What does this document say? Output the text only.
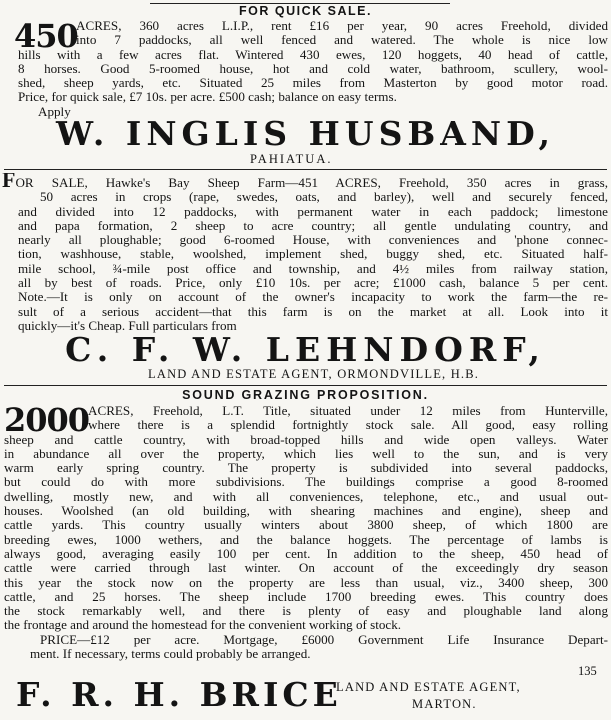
FOR QUICK SALE.
450
ACRES, 360 acres L.I.P., rent £16 per year, 90 acres Freehold, divided
into 7 paddocks, all well fenced and watered. The whole is nice low
hills with a few acres flat. Wintered 430 ewes, 120 hoggets, 40 head of cattle,
8 horses. Good 5-roomed house, hot and cold water, bathroom, scullery, wool-
shed, sheep yards, etc. Situated 25 miles from Masterton by good motor road.
Price, for quick sale, £7 10s. per acre. £500 cash; balance on easy terms.
Apply
W. INGLIS HUSBAND,
PAHIATUA.
FOR SALE, Hawke's Bay Sheep Farm—451 ACRES, Freehold, 350 acres in grass,
50 acres in crops (rape, swedes, oats, and barley), well and securely fenced,
and divided into 12 paddocks, with permanent water in each paddock; limestone
and papa formation, 2 sheep to acre country; all gentle undulating country, and
nearly all ploughable; good 6-roomed House, with conveniences and 'phone connec-
tion, washhouse, stable, woolshed, implement shed, buggy shed, etc. Situated half-
mile school, ¾-mile post office and township, and 4½ miles from railway station,
all by best of roads. Price, only £10 10s. per acre; £1000 cash, balance 5 per cent.
Note.—It is only on account of the owner's incapacity to work the farm—the re-
sult of a serious accident—that this farm is on the market at all. Look into it
quickly—it's Cheap. Full particulars from
C. F. W. LEHNDORF,
LAND AND ESTATE AGENT, ORMONDVILLE, H.B.
SOUND GRAZING PROPOSITION.
2000
ACRES, Freehold, L.T. Title, situated under 12 miles from Hunterville,
where there is a splendid fortnightly stock sale. All good, easy rolling
sheep and cattle country, with broad-topped hills and wide open valleys. Water
in abundance all over the property, which lies well to the sun, and is very
warm early spring country. The property is subdivided into several paddocks,
but could do with more subdivisions. The buildings comprise a good 8-roomed
dwelling, mostly new, and with all conveniences, telephone, etc., and usual out-
houses. Woolshed (an old building, with shearing machines and engine), sheep and
cattle yards. This country usually winters about 3800 sheep, of which 1800 are
breeding ewes, 1000 wethers, and the balance hoggets. The percentage of lambs is
always good, averaging easily 100 per cent. In addition to the sheep, 450 head of
cattle were carried through last winter. On account of the exceedingly dry season
this year the stock now on the property are less than usual, viz., 3400 sheep, 300
cattle, and 25 horses. The sheep include 1700 breeding ewes. This country does
the stock remarkably well, and there is plenty of easy and ploughable land along
the frontage and around the homestead for the convenient working of stock.
PRICE—£12 per acre. Mortgage, £6000 Government Life Insurance Depart-
ment. If necessary, terms could probably be arranged.
135
F. R. H. BRICE
LAND AND ESTATE AGENT,
MARTON.
